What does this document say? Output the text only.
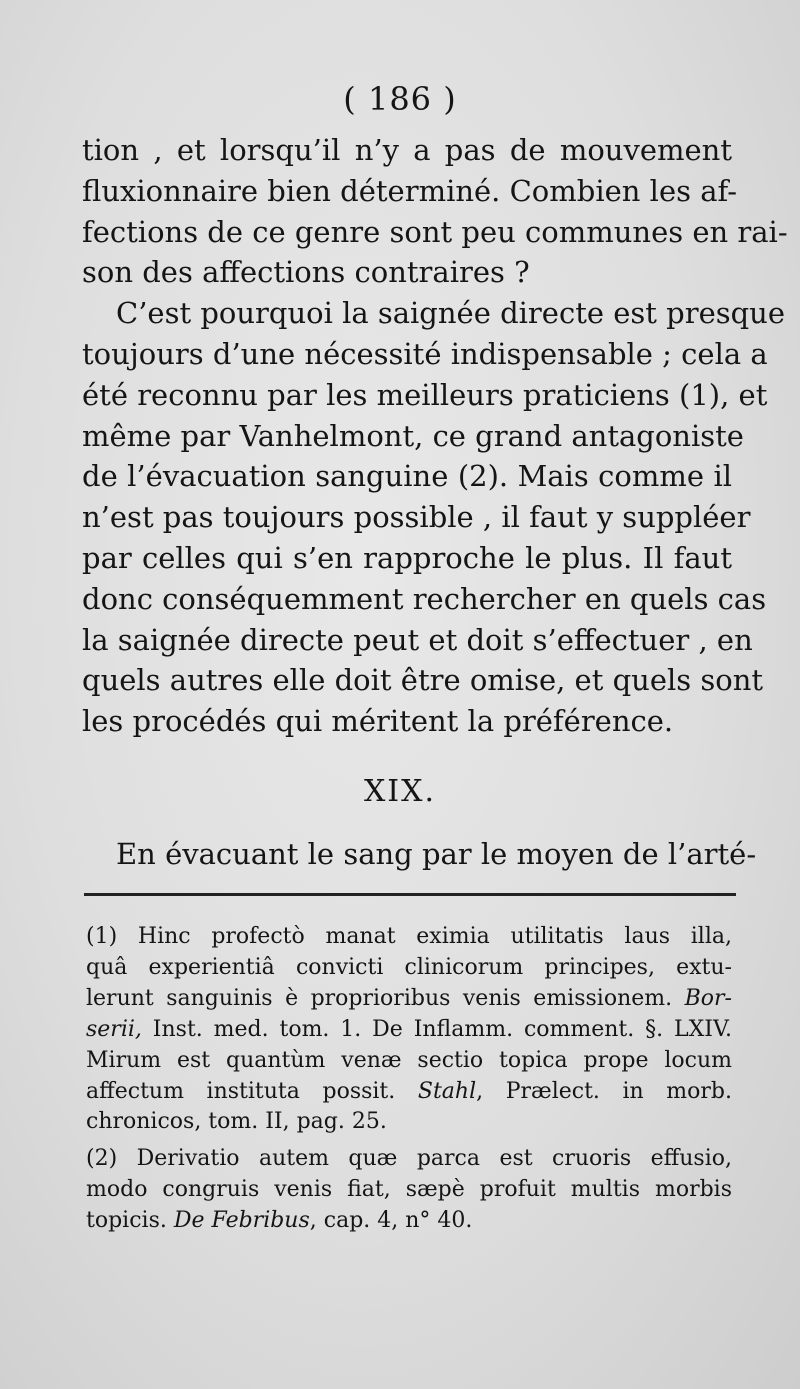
( 186 )
tion , et lorsqu’il n’y a pas de mouvement
fluxionnaire bien déterminé. Combien les af-
fections de ce genre sont peu communes en rai-
son des affections contraires ?
C’est pourquoi la saignée directe est presque
toujours d’une nécessité indispensable ; cela a
été reconnu par les meilleurs praticiens (1), et
même par Vanhelmont, ce grand antagoniste
de l’évacuation sanguine (2). Mais comme il
n’est pas toujours possible , il faut y suppléer
par celles qui s’en rapproche le plus. Il faut
donc conséquemment rechercher en quels cas
la saignée directe peut et doit s’effectuer , en
quels autres elle doit être omise, et quels sont
les procédés qui méritent la préférence.
XIX.
En évacuant le sang par le moyen de l’arté-
(1) Hinc profectò manat eximia utilitatis laus illa,
quâ experientiâ convicti clinicorum principes, extu-
lerunt sanguinis è proprioribus venis emissionem. Bor-
serii, Inst. med. tom. 1. De Inflamm. comment. §. LXIV.
Mirum est quantùm venæ sectio topica prope locum
affectum instituta possit. Stahl, Prælect. in morb.
chronicos, tom. II, pag. 25.
(2) Derivatio autem quæ parca est cruoris effusio,
modo congruis venis fiat, sæpè profuit multis morbis
topicis. De Febribus, cap. 4, n° 40.
